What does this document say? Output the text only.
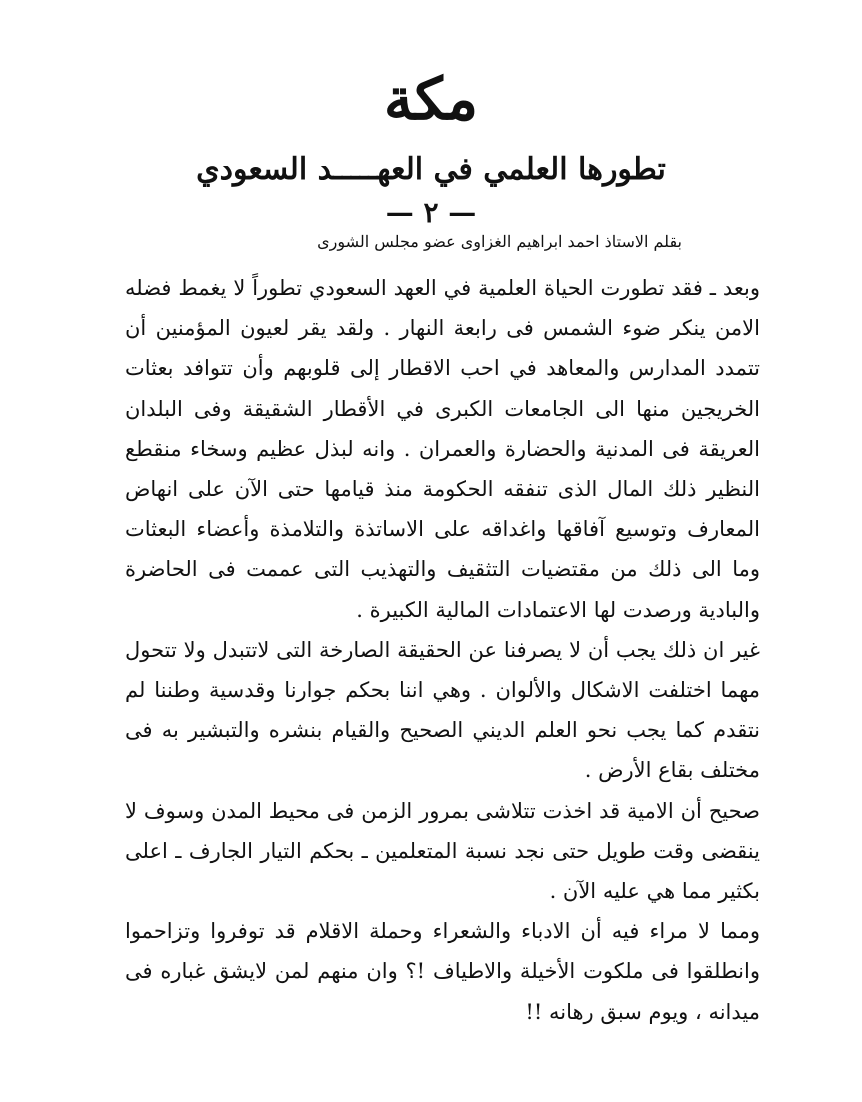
مكة
تطورها العلمي في العهـــــد السعودي
— ٢ —
بقلم الاستاذ احمد ابراهيم الغزاوى عضو مجلس الشورى

وبعد ـ فقد تطورت الحياة العلمية في العهد السعودي تطوراً لا يغمط فضله الامن ينكر ضوء الشمس فى رابعة النهار . ولقد يقر لعيون المؤمنين أن تتمدد المدارس والمعاهد في احب الاقطار إلى قلوبهم وأن تتوافد بعثات الخريجين منها الى الجامعات الكبرى في الأقطار الشقيقة وفى البلدان العريقة فى المدنية والحضارة والعمران . وانه لبذل عظيم وسخاء منقطع النظير ذلك المال الذى تنفقه الحكومة منذ قيامها حتى الآن على انهاض المعارف وتوسيع آفاقها واغداقه على الاساتذة والتلامذة وأعضاء البعثات وما الى ذلك من مقتضيات التثقيف والتهذيب التى عممت فى الحاضرة والبادية ورصدت لها الاعتمادات المالية الكبيرة .

غير ان ذلك يجب أن لا يصرفنا عن الحقيقة الصارخة التى لاتتبدل ولا تتحول مهما اختلفت الاشكال والألوان . وهي اننا بحكم جوارنا وقدسية وطننا لم نتقدم كما يجب نحو العلم الديني الصحيح والقيام بنشره والتبشير به فى مختلف بقاع الأرض .

صحيح أن الامية قد اخذت تتلاشى بمرور الزمن فى محيط المدن وسوف لا ينقضى وقت طويل حتى نجد نسبة المتعلمين ـ بحكم التيار الجارف ـ اعلى بكثير مما هي عليه الآن .

ومما لا مراء فيه أن الادباء والشعراء وحملة الاقلام قد توفروا وتزاحموا وانطلقوا فى ملكوت الأخيلة والاطياف !؟ وان منهم لمن لايشق غباره فى ميدانه ، ويوم سبق رهانه !!
